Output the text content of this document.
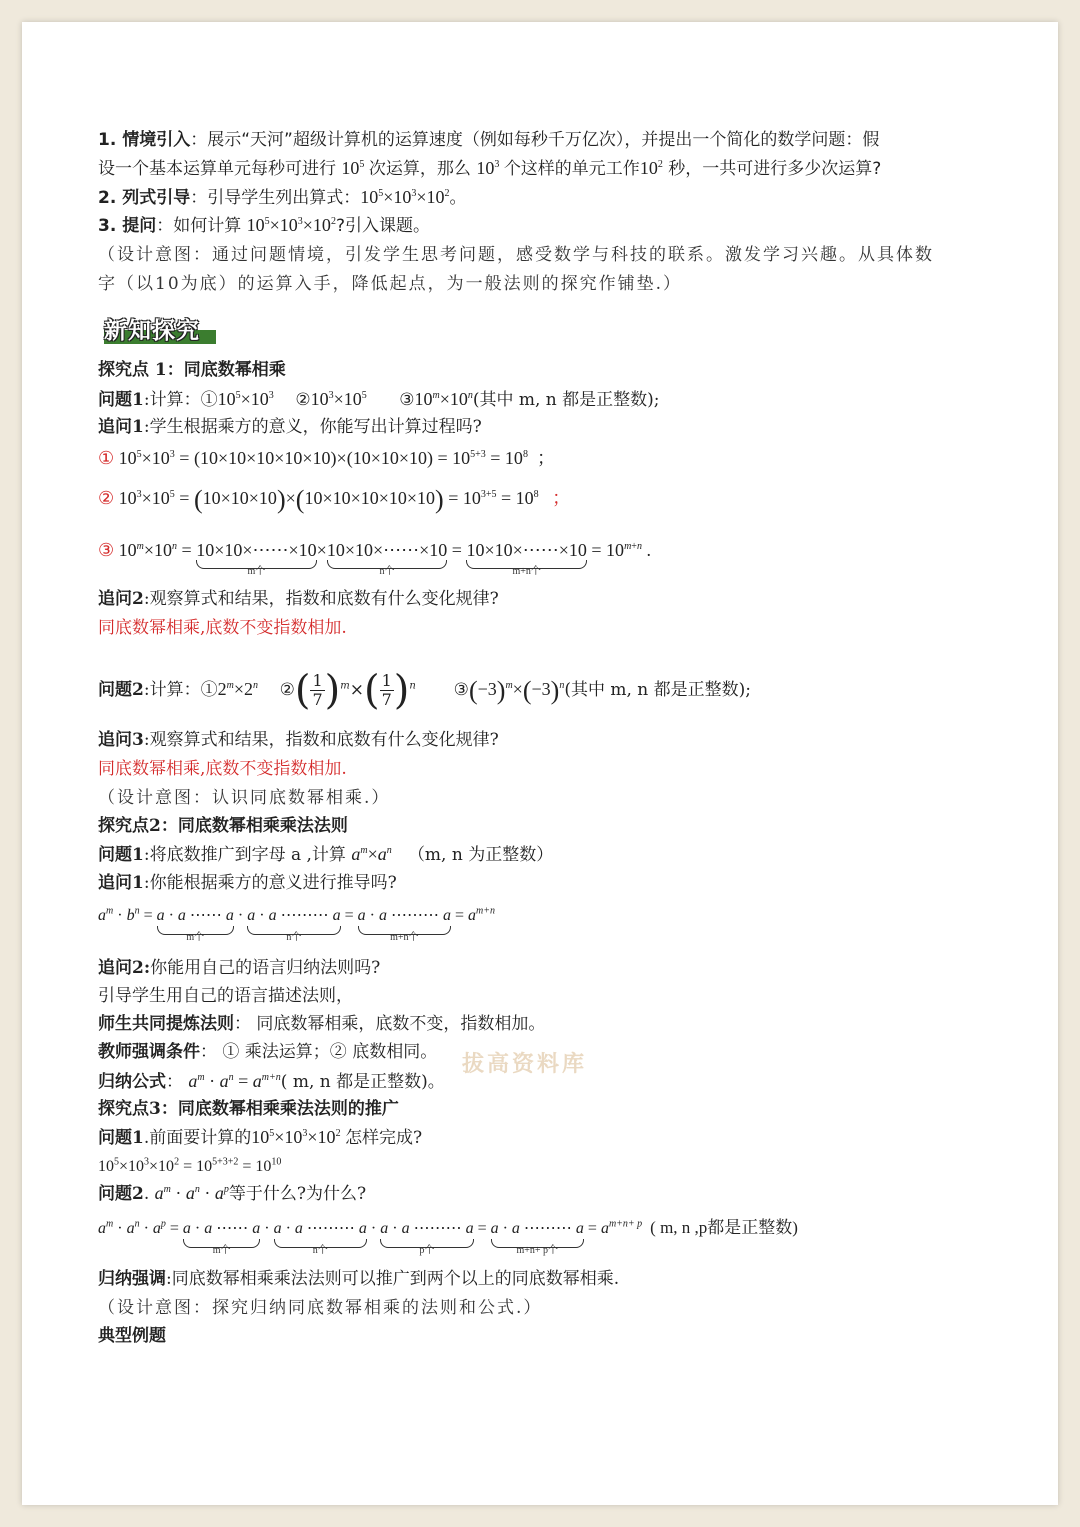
1. 情境引入：展示“天河”超级计算机的运算速度（例如每秒千万亿次），并提出一个简化的数学问题：假
设一个基本运算单元每秒可进行 $10^5$ 次运算，那么 $10^3$ 个这样的单元工作$10^2$ 秒，一共可进行多少次运算?
2. 列式引导：引导学生列出算式：$10^5\times 10^3\times 10^2$。
3. 提问：如何计算 $10^5\times 10^3\times 10^2$?引入课题。
（设计意图：通过问题情境，引发学生思考问题，感受数学与科技的联系。激发学习兴趣。从具体数
字（以10为底）的运算入手，降低起点，为一般法则的探究作铺垫.）
新知探究
探究点 1：同底数幂相乘
问题1:计算：$①10^5\times 10^3$    $②10^3\times 10^5$      $③10^m\times 10^n$(其中 m, n 都是正整数);
追问1:学生根据乘方的意义，你能写出计算过程吗?
① $10^5\times 10^3 = (10\times 10\times 10\times 10\times 10)\times(10\times 10\times 10) = 10^{5+3} = 10^8$ ；
② $10^3\times 10^5 = (10\times 10\times 10)\times(10\times 10\times 10\times 10\times 10) = 10^{3+5} = 10^8$ ；
③ $10^m\times 10^n$ = 10×10×⋯⋯×10
m个
×10×10×⋯⋯×10
n个
= 10×10×⋯⋯×10
m+n个
= $10^{m+n}$ .
追问2:观察算式和结果，指数和底数有什么变化规律?
同底数幂相乘,底数不变指数相加.
问题2:计算：$①2^m\times 2^n$    ②( $\frac{1}{7} )^m\times( \frac{1}{7} )^n$       $③(-3)^m\times(-3)^n$(其中 m, n 都是正整数);
追问3:观察算式和结果，指数和底数有什么变化规律?
同底数幂相乘,底数不变指数相加.
（设计意图：认识同底数幂相乘.）
探究点2：同底数幂相乘乘法法则
问题1:将底数推广到字母 a ,计算 $a^m\times a^n$ （m, n 为正整数）
追问1:你能根据乘方的意义进行推导吗?
$a^m \cdot b^n = a \cdot a$ ⋯⋯ a
m个
· a · a ⋯⋯⋯ a
n个
= a · a ⋯⋯⋯ a
m+n个
= $a^{m+n}$
追问2:你能用自己的语言归纳法则吗?
引导学生用自己的语言描述法则，
师生共同提炼法则： 同底数幂相乘，底数不变，指数相加。
教师强调条件： ① 乘法运算；② 底数相同。
归纳公式： $a^m \cdot a^n = a^{m+n}$( m, n 都是正整数)。
探究点3：同底数幂相乘乘法法则的推广
问题1.前面要计算的$10^5\times 10^3\times 10^2$ 怎样完成?
$10^5\times 10^3\times 10^2 = 10^{5+3+2} = 10^{10}$
问题2. $a^m \cdot a^n \cdot a^p$等于什么?为什么?
$a^m \cdot a^n \cdot a^p = a \cdot a$ ⋯⋯ a
m个
· a · a ⋯⋯⋯ a
n个
· a · a ⋯⋯⋯ a
p个
= a · a ⋯⋯⋯ a
m+n+ p个
= $a^{m+n+ p}$ ( m, n ,p都是正整数)
归纳强调:同底数幂相乘乘法法则可以推广到两个以上的同底数幂相乘.
（设计意图：探究归纳同底数幂相乘的法则和公式.）
典型例题
拔高资料库
